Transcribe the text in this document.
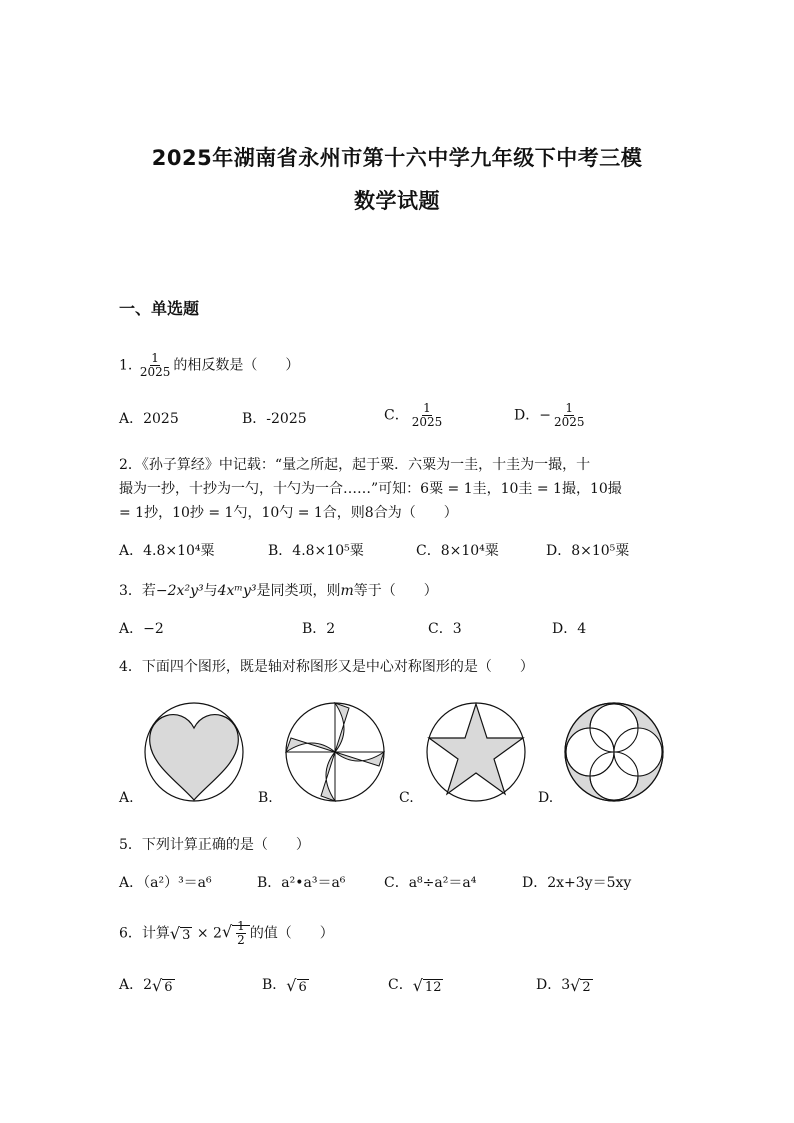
2025年湖南省永州市第十六中学九年级下中考三模
数学试题
一、单选题
1. $\frac{1}{2025}$ 的相反数是（　　）
A．2025	B．-2025	C． $\frac{1}{2025}$	D．− $\frac{1}{2025}$
2．《孙子算经》中记载：“量之所起，起于粟．六粟为一圭，十圭为一撮，十
撮为一抄，十抄为一勺，十勺为一合……”可知：6粟 = 1圭，10圭 = 1撮，10撮
= 1抄，10抄 = 1勺，10勺 = 1合，则8合为（　　）
A．4.8×10⁴粟	B．4.8×10⁵粟	C．8×10⁴粟	D．8×10⁵粟
3．若−2x²y³与4xᵐy³是同类项，则m等于（　　）
A．−2	B．2	C．3	D．4
4．下面四个图形，既是轴对称图形又是中心对称图形的是（　　）
A.	B.	C.	D.
5．下列计算正确的是（　　）
A．（a²）³＝a⁶	B．a²•a³＝a⁶	C．a⁸÷a²＝a⁴	D．2x+3y＝5xy
6．计算√ $3 \times 2√ \frac{1}{2}$ 的值（　　）
A．2√ 6	B．√ 6	C．√ 12	D．3√ 2
